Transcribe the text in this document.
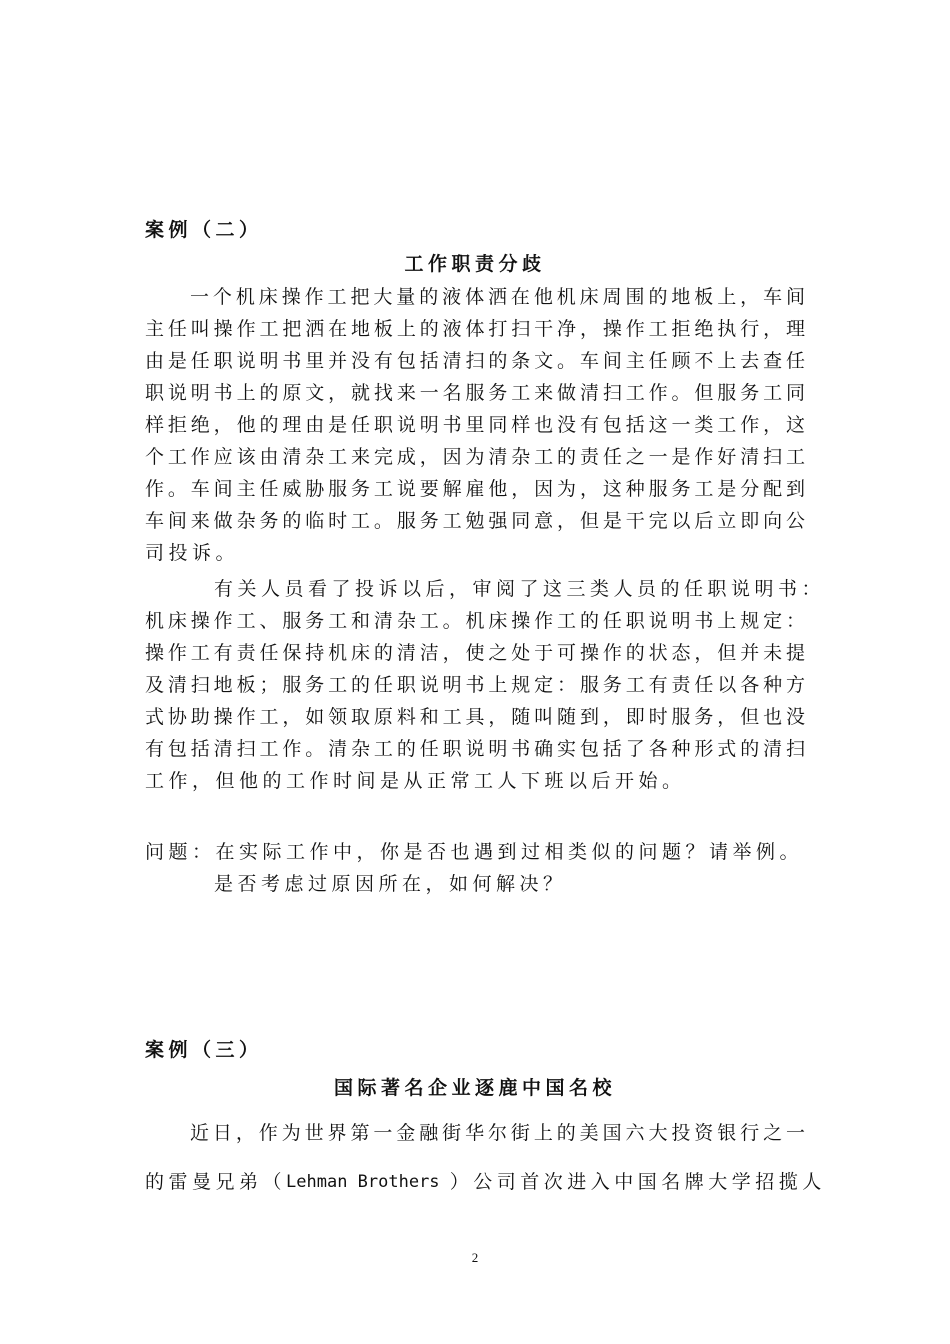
案例（二）
工作职责分歧
一个机床操作工把大量的液体洒在他机床周围的地板上，车间
主任叫操作工把洒在地板上的液体打扫干净，操作工拒绝执行，理
由是任职说明书里并没有包括清扫的条文。车间主任顾不上去查任
职说明书上的原文，就找来一名服务工来做清扫工作。但服务工同
样拒绝，他的理由是任职说明书里同样也没有包括这一类工作，这
个工作应该由清杂工来完成，因为清杂工的责任之一是作好清扫工
作。车间主任威胁服务工说要解雇他，因为，这种服务工是分配到
车间来做杂务的临时工。服务工勉强同意，但是干完以后立即向公
司投诉。
有关人员看了投诉以后，审阅了这三类人员的任职说明书：
机床操作工、服务工和清杂工。机床操作工的任职说明书上规定：
操作工有责任保持机床的清洁，使之处于可操作的状态，但并未提
及清扫地板；服务工的任职说明书上规定：服务工有责任以各种方
式协助操作工，如领取原料和工具，随叫随到，即时服务，但也没
有包括清扫工作。清杂工的任职说明书确实包括了各种形式的清扫
工作，但他的工作时间是从正常工人下班以后开始。
问题：在实际工作中，你是否也遇到过相类似的问题？请举例。
是否考虑过原因所在，如何解决？
案例（三）
国际著名企业逐鹿中国名校
近日，作为世界第一金融街华尔街上的美国六大投资银行之一
的雷曼兄弟（ Lehman Brothers ）公司首次进入中国名牌大学招揽人
2
